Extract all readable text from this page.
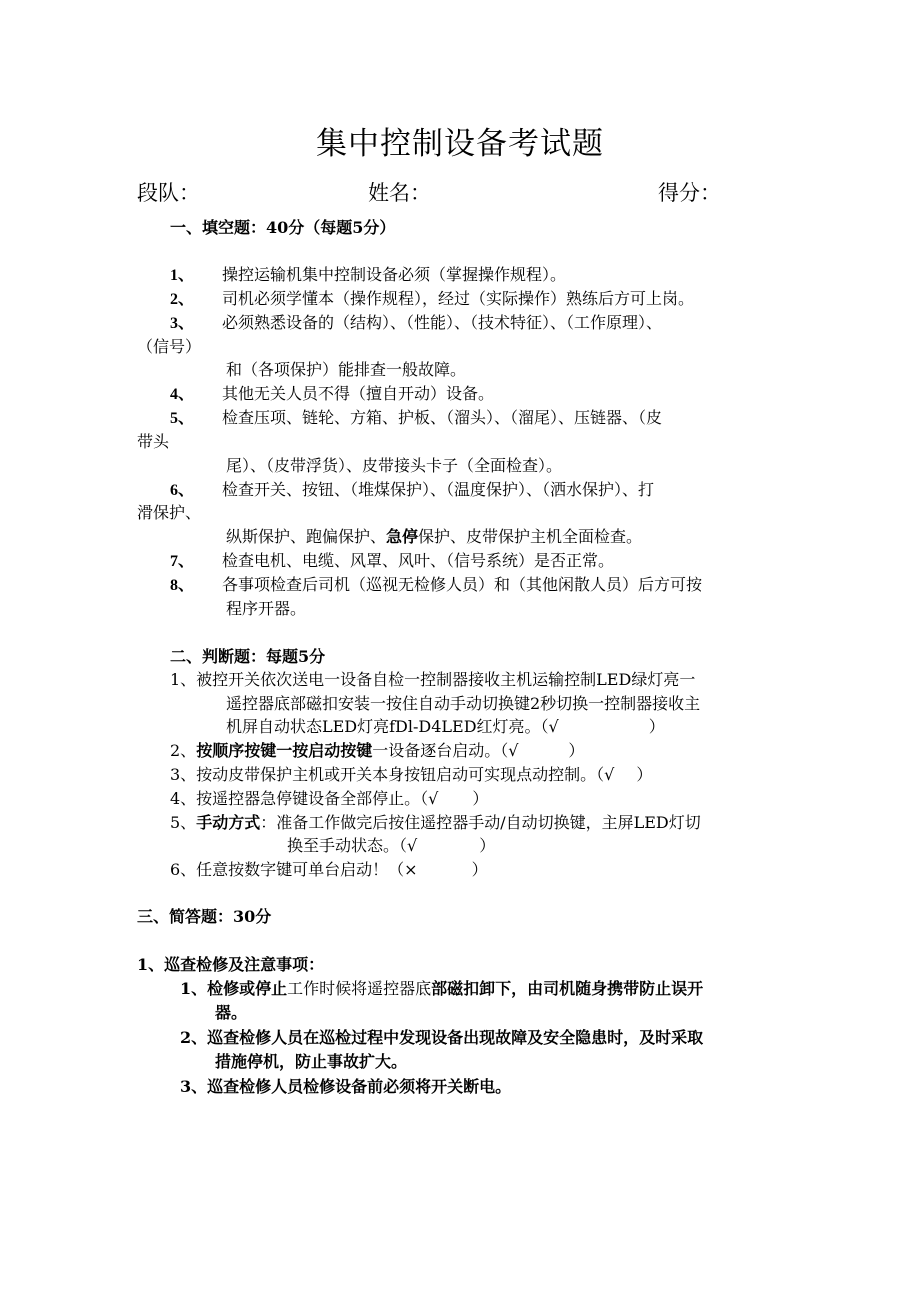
集中控制设备考试题
段队：	姓名：	得分：
一、填空题：40分（每题5分）
1、 操控运输机集中控制设备必须（掌握操作规程）。
2、 司机必须学懂本（操作规程），经过（实际操作）熟练后方可上岗。
3、 必须熟悉设备的（结构）、（性能）、（技术特征）、（工作原理）、
（信号）
和（各项保护）能排查一般故障。
4、 其他无关人员不得（擅自开动）设备。
5、 检查压项、链轮、方箱、护板、（溜头）、（溜尾）、压链器、（皮
带头
尾）、（皮带浮货）、皮带接头卡子（全面检查）。
6、 检查开关、按钮、（堆煤保护）、（温度保护）、（洒水保护）、打
滑保护、
纵斯保护、跑偏保护、急停保护、皮带保护主机全面检查。
7、 检查电机、电缆、风罩、风叶、（信号系统）是否正常。
8、 各事项检查后司机（巡视无检修人员）和（其他闲散人员）后方可按
程序开器。
二、判断题：每题5分
1、被控开关依次送电一设备自检一控制器接收主机运输控制LED绿灯亮一
遥控器底部磁扣安装一按住自动手动切换键2秒切换一控制器接收主
机屏自动状态LED灯亮fDl-D4LED红灯亮。（√	）
2、按顺序按键一按启动按键一设备逐台启动。（√	）
3、按动皮带保护主机或开关本身按钮启动可实现点动控制。（√ ）
4、按遥控器急停键设备全部停止。（√ ）
5、手动方式：准备工作做完后按住遥控器手动/自动切换键，主屏LED灯切
换至手动状态。（√	）
6、任意按数字键可单台启动！（×	）
三、简答题：30分
1、巡查检修及注意事项：
1、检修或停止工作时候将遥控器底部磁扣卸下，由司机随身携带防止误开
器。
2、巡查检修人员在巡检过程中发现设备出现故障及安全隐患时，及时采取
措施停机，防止事故扩大。
3、巡查检修人员检修设备前必须将开关断电。
